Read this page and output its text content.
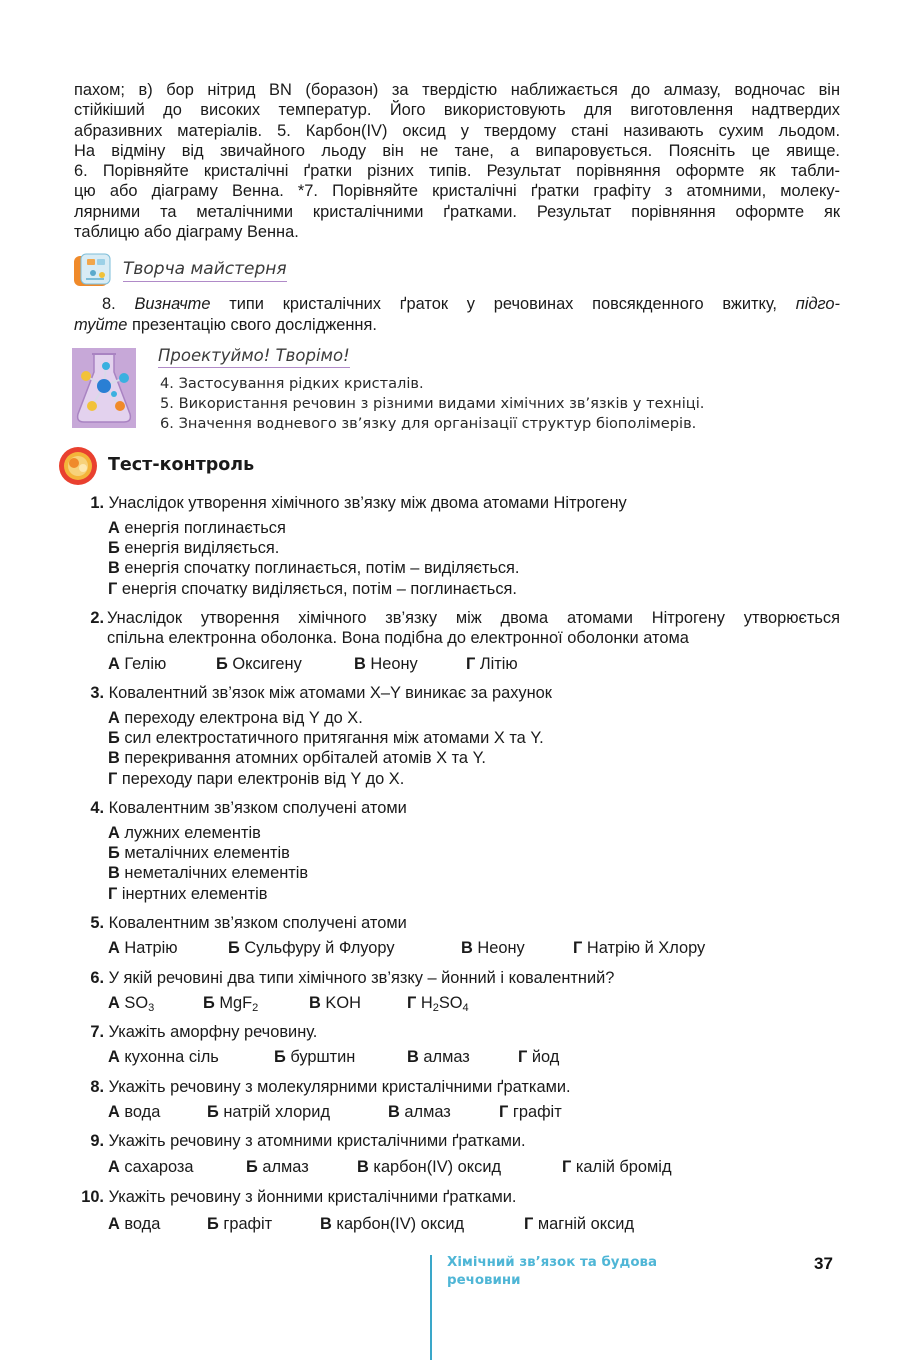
пахом; в) бор нітрид BN (боразон) за твердістю наближається до алмазу, водночас він
стійкіший до високих температур. Його використовують для виготовлення надтвердих
абразивних матеріалів. 5. Карбон(IV) оксид у твердому стані називають сухим льодом.
На відміну від звичайного льоду він не тане, а випаровується. Поясніть це явище.
6. Порівняйте кристалічні ґратки різних типів. Результат порівняння оформте як табли-
цю або діаграму Венна. *7. Порівняйте кристалічні ґратки графіту з атомними, молеку-
лярними та металічними кристалічними ґратками. Результат порівняння оформте як
таблицю або діаграму Венна.
Творча майстерня
8. Визначте типи кристалічних ґраток у речовинах повсякденного вжитку, підго-
туйте презентацію свого дослідження.
Проектуймо! Творімо!
4. Застосування рідких кристалів.
5. Використання речовин з різними видами хімічних зв’язків у техніці.
6. Значення водневого зв’язку для організації структур біополімерів.
Тест-контроль
1. Унаслідок утворення хімічного зв’язку між двома атомами Нітрогену
А енергія поглинається
Б енергія виділяється.
В енергія спочатку поглинається, потім – виділяється.
Г енергія спочатку виділяється, потім – поглинається.
2. Унаслідок утворення хімічного зв’язку між двома атомами Нітрогену утворюється
спільна електронна оболонка. Вона подібна до електронної оболонки атома
А Гелію	Б Оксигену	В Неону	Г Літію
3. Ковалентний зв’язок між атомами X–Y виникає за рахунок
А переходу електрона від Y до X.
Б сил електростатичного притягання між атомами X та Y.
В перекривання атомних орбіталей атомів X та Y.
Г переходу пари електронів від Y до X.
4. Ковалентним зв’язком сполучені атоми
А лужних елементів
Б металічних елементів
В неметалічних елементів
Г інертних елементів
5. Ковалентним зв’язком сполучені атоми
А Натрію	Б Сульфуру й Флуору	В Неону	Г Натрію й Хлору
6. У якій речовині два типи хімічного зв’язку – йонний і ковалентний?
А $SO_3$	Б MgF$_2$	В KOH	Г $H_2SO_4$
7. Укажіть аморфну речовину.
А кухонна сіль	Б бурштин	В алмаз	Г йод
8. Укажіть речовину з молекулярними кристалічними ґратками.
А вода	Б натрій хлорид	В алмаз	Г графіт
9. Укажіть речовину з атомними кристалічними ґратками.
А сахароза	Б алмаз	В карбон(IV) оксид	Г калій бромід
10. Укажіть речовину з йонними кристалічними ґратками.
А вода	Б графіт	В карбон(IV) оксид	Г магній оксид
Хімічний зв’язок та будова
речовини
37
